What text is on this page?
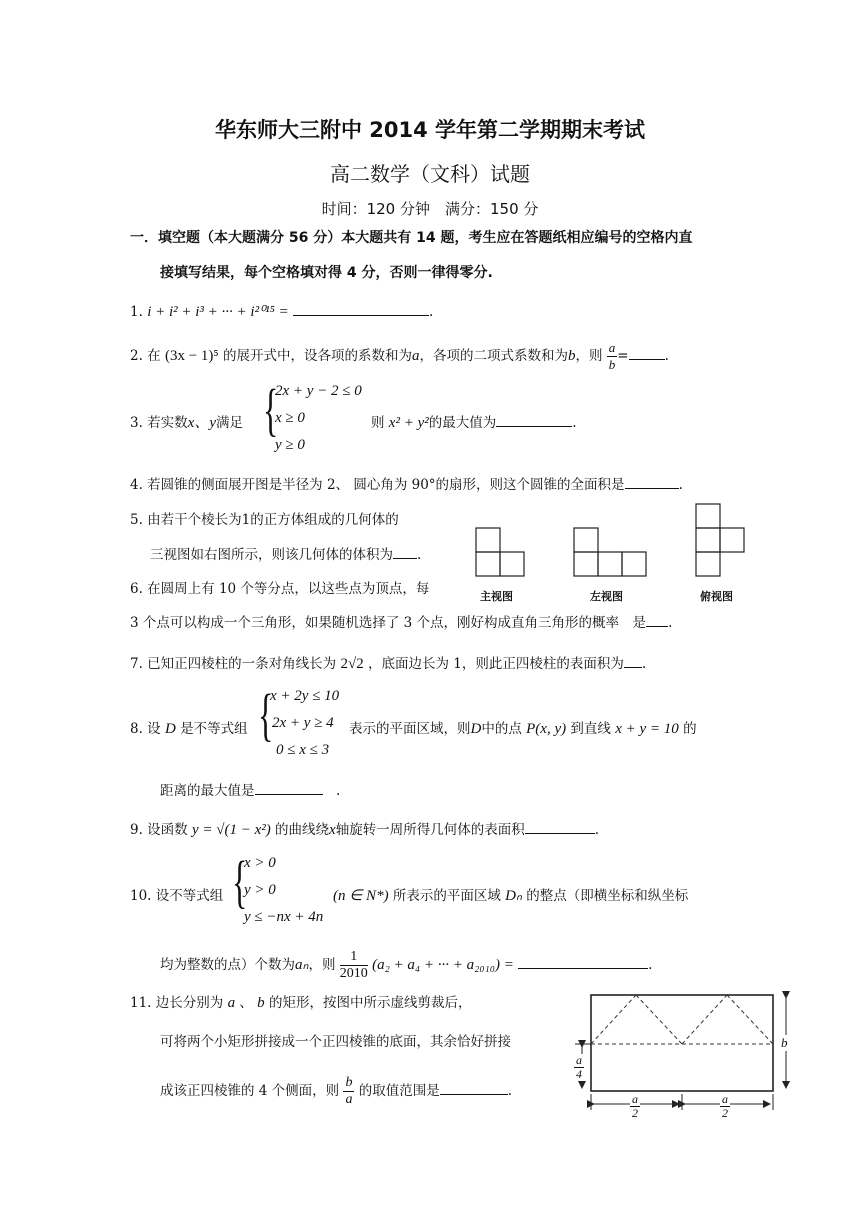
华东师大三附中 2014 学年第二学期期末考试
高二数学（文科）试题
时间：120 分钟　满分：150 分
一．填空题（本大题满分 56 分）本大题共有 14 题，考生应在答题纸相应编号的空格内直
接填写结果，每个空格填对得 4 分，否则一律得零分.
1. i + i² + i³ + ··· + i²⁰¹⁵ =	.
2. 在 (3x − 1)⁵ 的展开式中，设各项的系数和为a，各项的二项式系数和为b，则 $\frac{a}{b}$ =	.
3. 若实数x、y满足 {
2x + y − 2 ≤ 0
x ≥ 0
y ≥ 0
则 x² + y²的最大值为	.
4. 若圆锥的侧面展开图是半径为 2、 圆心角为 90°的扇形，则这个圆锥的全面积是	.
5. 由若干个棱长为1的正方体组成的几何体的
三视图如右图所示，则该几何体的体积为 .
主视图	左视图	俯视图
6. 在圆周上有 10 个等分点，以这些点为顶点，每
3 个点可以构成一个三角形，如果随机选择了 3 个点，刚好构成直角三角形的概率　是 .
7. 已知正四棱柱的一条对角线长为 2√2 ，底面边长为 1，则此正四棱柱的表面积为 .
8. 设 D 是不等式组 {
x + 2y ≤ 10
2x + y ≥ 4
0 ≤ x ≤ 3
表示的平面区域，则D中的点 P(x, y) 到直线 x + y = 10 的
距离的最大值是	　.
9. 设函数 y = √(1 − x²) 的曲线绕x轴旋转一周所得几何体的表面积	.
10. 设不等式组 {
x > 0
y > 0
y ≤ −nx + 4n
(n ∈ N*) 所表示的平面区域 Dₙ 的整点（即横坐标和纵坐标
均为整数的点）个数为aₙ，则 $\frac{1}{2010} (a_2 + a_4$ + ··· + a₂₀₁₀) =	.
11. 边长分别为 a 、 b 的矩形，按图中所示虚线剪裁后，
可将两个小矩形拼接成一个正四棱锥的底面，其余恰好拼接
成该正四棱锥的 4 个侧面，则 $\frac{b}{a}$ 的取值范围是	.
b
$\frac{a}{4}$
$\frac{a}{2}$	$\frac{a}{2}$
